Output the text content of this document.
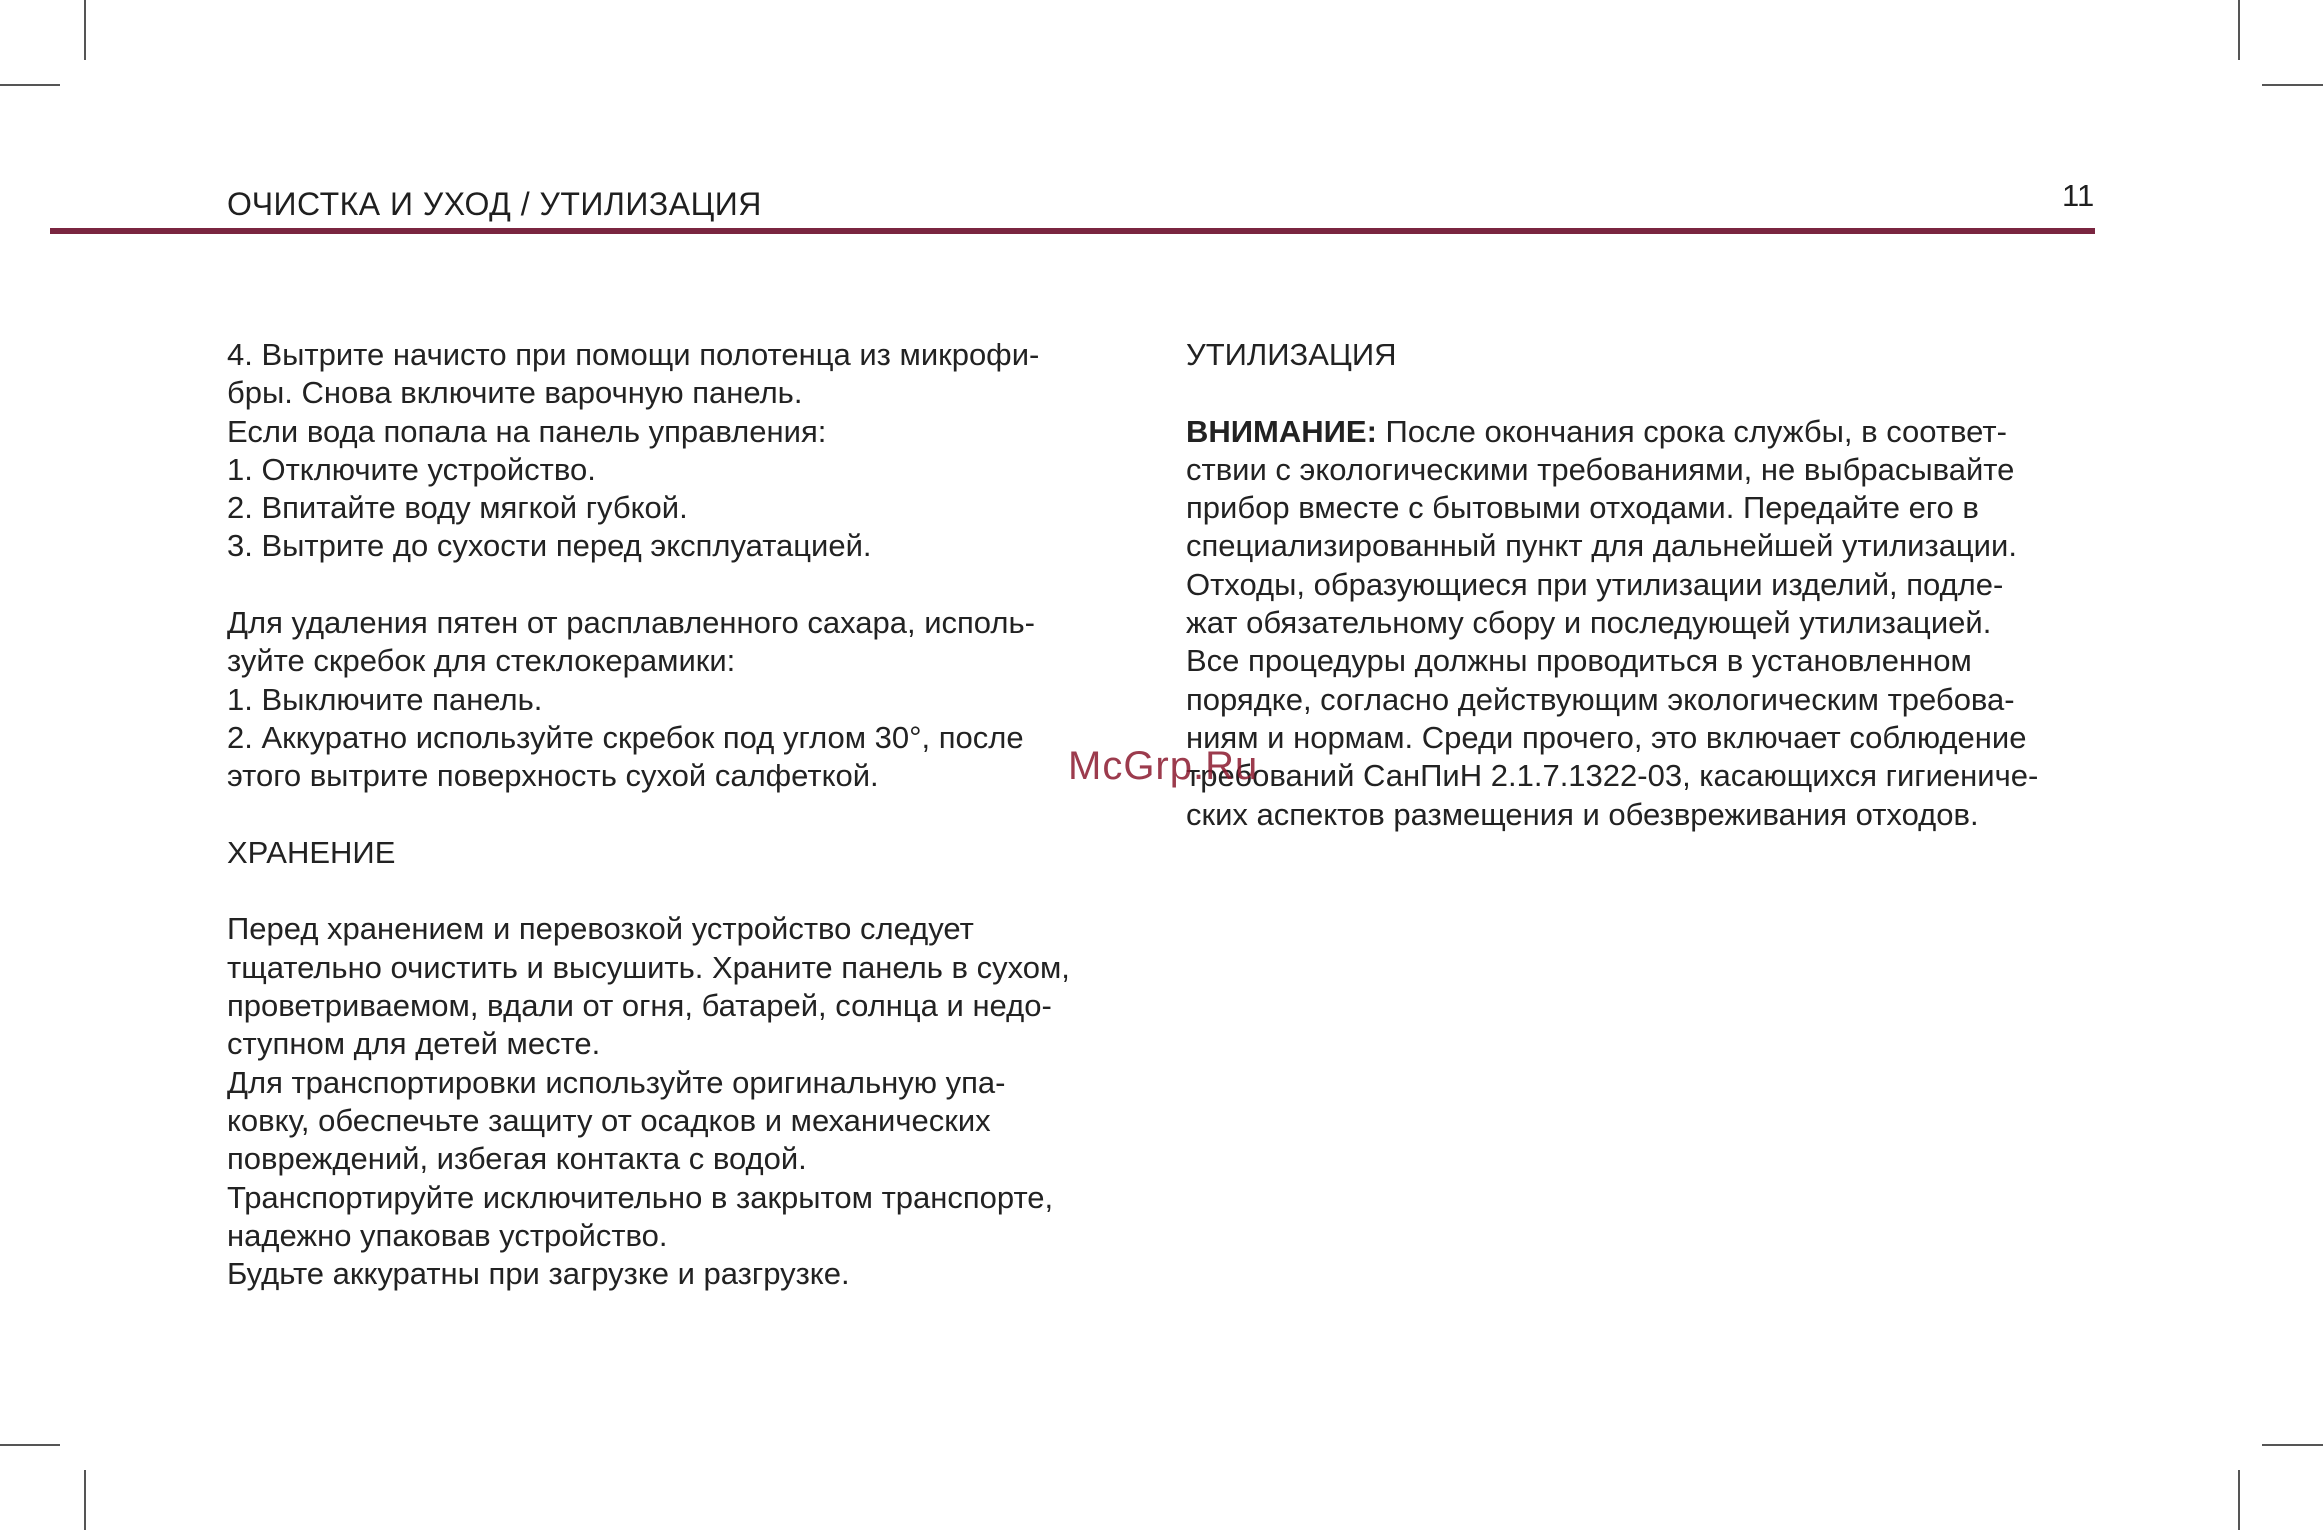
ОЧИСТКА И УХОД / УТИЛИЗАЦИЯ	11
4. Вытрите начисто при помощи полотенца из микрофи-
бры. Снова включите варочную панель.
Если вода попала на панель управления:
1. Отключите устройство.
2. Впитайте воду мягкой губкой.
3. Вытрите до сухости перед эксплуатацией.
Для удаления пятен от расплавленного сахара, исполь-
зуйте скребок для стеклокерамики:
1. Выключите панель.
2. Аккуратно используйте скребок под углом 30°, после
этого вытрите поверхность сухой салфеткой.
ХРАНЕНИЕ
Перед хранением и перевозкой устройство следует
тщательно очистить и высушить. Храните панель в сухом,
проветриваемом, вдали от огня, батарей, солнца и недо-
ступном для детей месте.
Для транспортировки используйте оригинальную упа-
ковку, обеспечьте защиту от осадков и механических
повреждений, избегая контакта с водой.
Транспортируйте исключительно в закрытом транспорте,
надежно упаковав устройство.
Будьте аккуратны при загрузке и разгрузке.
УТИЛИЗАЦИЯ
ВНИМАНИЕ: После окончания срока службы, в соответ-
ствии с экологическими требованиями, не выбрасывайте
прибор вместе с бытовыми отходами. Передайте его в
специализированный пункт для дальнейшей утилизации.
Отходы, образующиеся при утилизации изделий, подле-
жат обязательному сбору и последующей утилизацией.
Все процедуры должны проводиться в установленном
порядке, согласно действующим экологическим требова-
ниям и нормам. Среди прочего, это включает соблюдение
требований СанПиН 2.1.7.1322-03, касающихся гигиениче-
ских аспектов размещения и обезвреживания отходов.
McGrp.Ru
